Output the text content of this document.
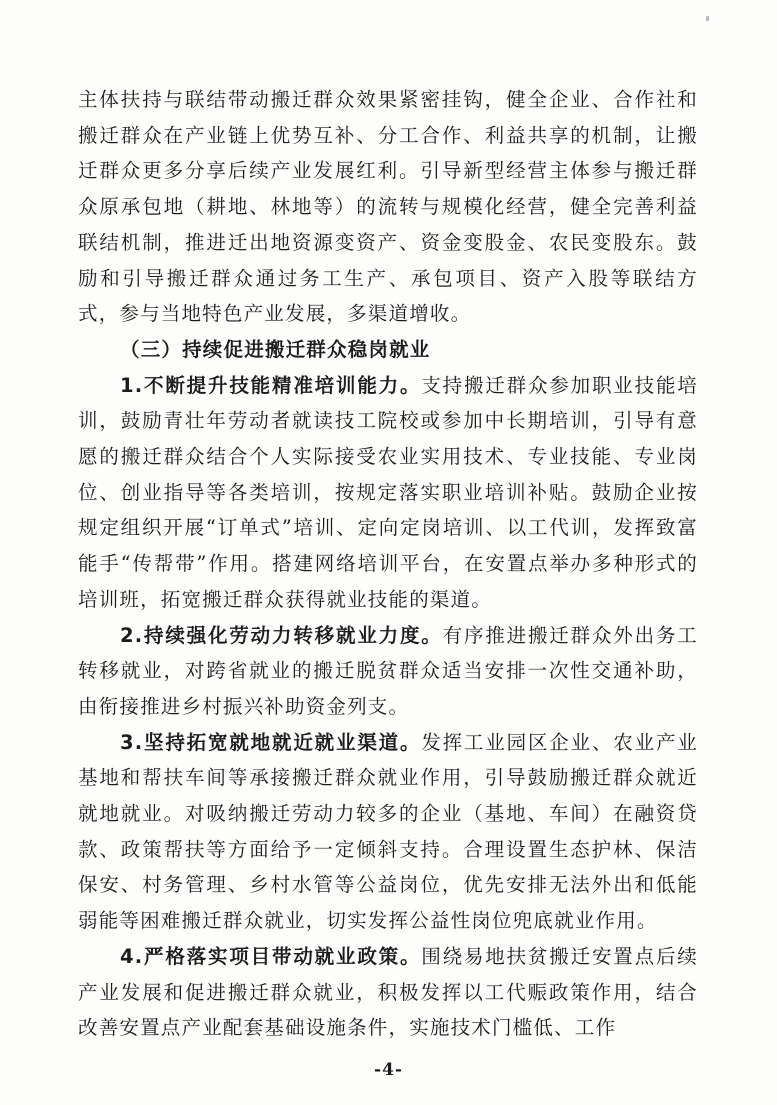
主体扶持与联结带动搬迁群众效果紧密挂钩，健全企业、合作社和搬迁群众在产业链上优势互补、分工合作、利益共享的机制，让搬迁群众更多分享后续产业发展红利。引导新型经营主体参与搬迁群众原承包地（耕地、林地等）的流转与规模化经营，健全完善利益联结机制，推进迁出地资源变资产、资金变股金、农民变股东。鼓励和引导搬迁群众通过务工生产、承包项目、资产入股等联结方式，参与当地特色产业发展，多渠道增收。

（三）持续促进搬迁群众稳岗就业

1.不断提升技能精准培训能力。支持搬迁群众参加职业技能培训，鼓励青壮年劳动者就读技工院校或参加中长期培训，引导有意愿的搬迁群众结合个人实际接受农业实用技术、专业技能、专业岗位、创业指导等各类培训，按规定落实职业培训补贴。鼓励企业按规定组织开展“订单式”培训、定向定岗培训、以工代训，发挥致富能手“传帮带”作用。搭建网络培训平台，在安置点举办多种形式的培训班，拓宽搬迁群众获得就业技能的渠道。

2.持续强化劳动力转移就业力度。有序推进搬迁群众外出务工转移就业，对跨省就业的搬迁脱贫群众适当安排一次性交通补助，由衔接推进乡村振兴补助资金列支。

3.坚持拓宽就地就近就业渠道。发挥工业园区企业、农业产业基地和帮扶车间等承接搬迁群众就业作用，引导鼓励搬迁群众就近就地就业。对吸纳搬迁劳动力较多的企业（基地、车间）在融资贷款、政策帮扶等方面给予一定倾斜支持。合理设置生态护林、保洁保安、村务管理、乡村水管等公益岗位，优先安排无法外出和低能弱能等困难搬迁群众就业，切实发挥公益性岗位兜底就业作用。

4.严格落实项目带动就业政策。围绕易地扶贫搬迁安置点后续产业发展和促进搬迁群众就业，积极发挥以工代赈政策作用，结合改善安置点产业配套基础设施条件，实施技术门槛低、工作

-4-
